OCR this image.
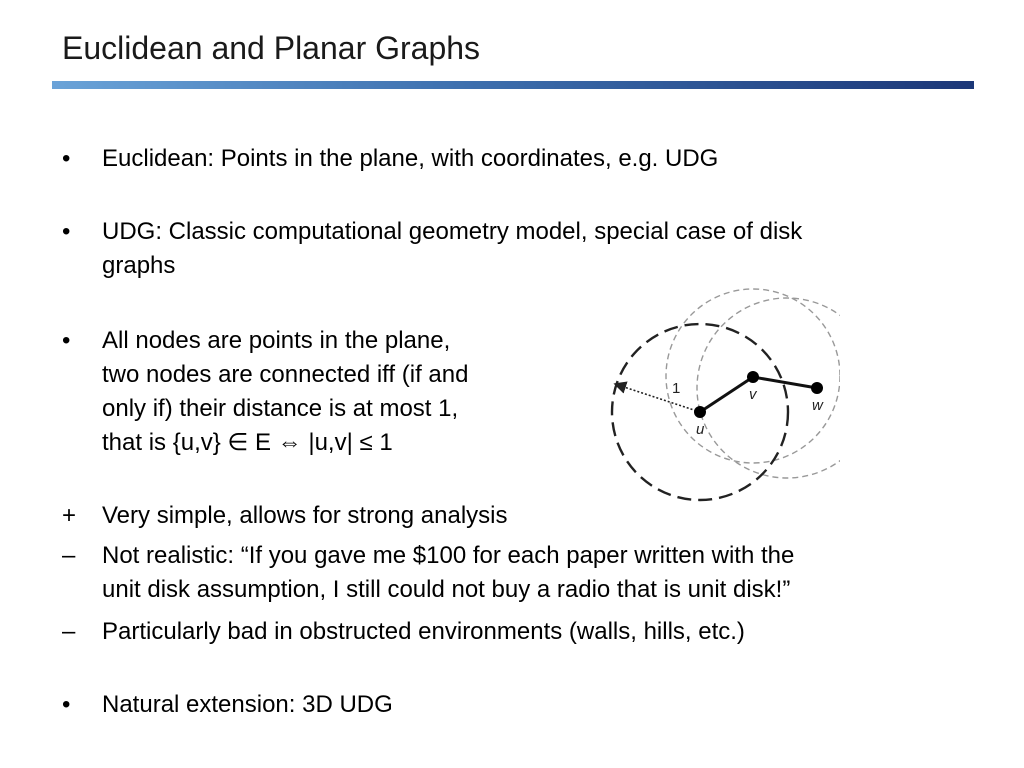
Euclidean and Planar Graphs
•	Euclidean: Points in the plane, with coordinates, e.g. UDG
•	UDG: Classic computational geometry model, special case of disk
graphs
•	All nodes are points in the plane,
two nodes are connected iff (if and
only if) their distance is at most 1,
that is {u,v} ∈ E ⇔ |u,v| ≤ 1
+ Very simple, allows for strong analysis
– Not realistic: “If you gave me $100 for each paper written with the
unit disk assumption, I still could not buy a radio that is unit disk!”
– Particularly bad in obstructed environments (walls, hills, etc.)
•	Natural extension: 3D UDG
1
u
v
w
